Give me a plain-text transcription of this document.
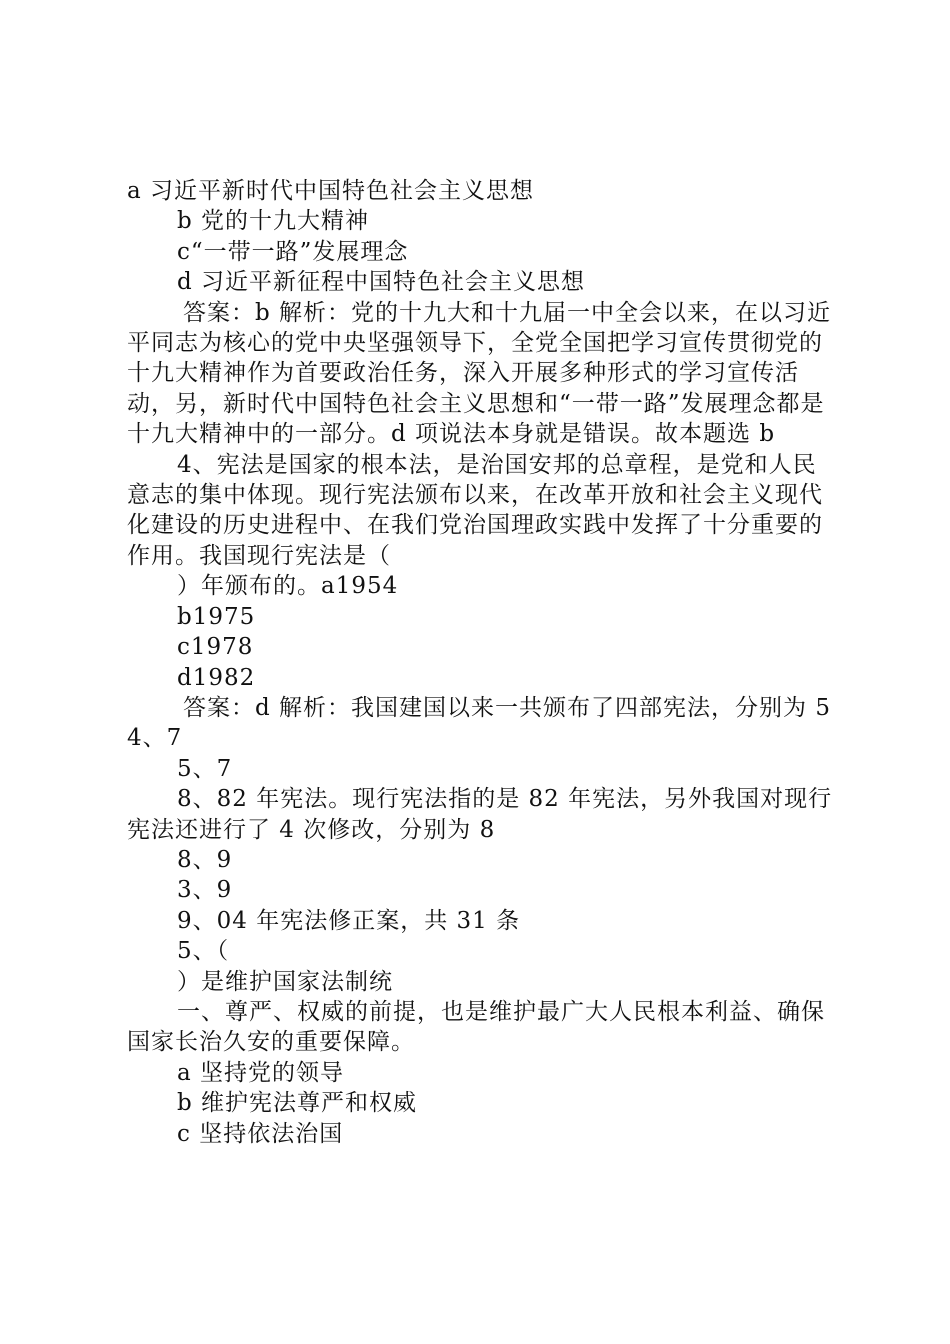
a 习近平新时代中国特色社会主义思想

b 党的十九大精神

c“一带一路”发展理念

d 习近平新征程中国特色社会主义思想

答案：b 解析：党的十九大和十九届一中全会以来，在以习近平同志为核心的党中央坚强领导下，全党全国把学习宣传贯彻党的十九大精神作为首要政治任务，深入开展多种形式的学习宣传活动，另，新时代中国特色社会主义思想和“一带一路”发展理念都是十九大精神中的一部分。d 项说法本身就是错误。故本题选 b

4、宪法是国家的根本法，是治国安邦的总章程，是党和人民意志的集中体现。现行宪法颁布以来，在改革开放和社会主义现代化建设的历史进程中、在我们党治国理政实践中发挥了十分重要的作用。我国现行宪法是（

）年颁布的。a1954

b1975

c1978

d1982

答案：d 解析：我国建国以来一共颁布了四部宪法，分别为 54、7

5、7

8、82 年宪法。现行宪法指的是 82 年宪法，另外我国对现行宪法还进行了 4 次修改，分别为 8

8、9

3、9

9、04 年宪法修正案，共 31 条

5、（

）是维护国家法制统

一、尊严、权威的前提，也是维护最广大人民根本利益、确保国家长治久安的重要保障。

a 坚持党的领导

b 维护宪法尊严和权威

c 坚持依法治国
